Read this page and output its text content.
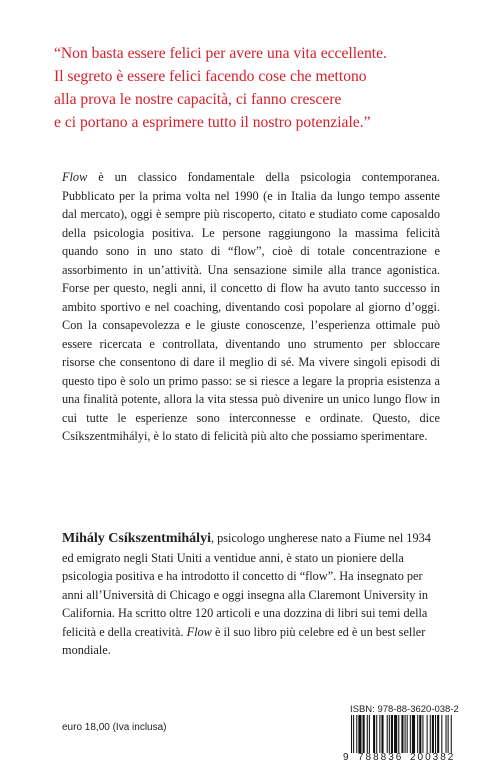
“Non basta essere felici per avere una vita eccellente.

Il segreto è essere felici facendo cose che mettono

alla prova le nostre capacità, ci fanno crescere

e ci portano a esprimere tutto il nostro potenziale.”

Flow è un classico fondamentale della psicologia contemporanea. Pubblicato per la prima volta nel 1990 (e in Italia da lungo tempo assente dal mercato), oggi è sempre più riscoperto, citato e studiato come caposaldo della psicologia positiva. Le persone raggiungono la massima felicità quando sono in uno stato di “flow”, cioè di totale concentrazione e assorbimento in un’attività. Una sensazione simile alla trance agonistica. Forse per questo, negli anni, il concetto di flow ha avuto tanto successo in ambito sportivo e nel coaching, diventando così popolare al giorno d’oggi. Con la consapevolezza e le giuste conoscenze, l’esperienza ottimale può essere ricercata e controllata, diventando uno strumento per sbloccare risorse che consentono di dare il meglio di sé. Ma vivere singoli episodi di questo tipo è solo un primo passo: se si riesce a legare la propria esistenza a una finalità potente, allora la vita stessa può divenire un unico lungo flow in cui tutte le esperienze sono interconnesse e ordinate. Questo, dice Csíkszentmihályi, è lo stato di felicità più alto che possiamo sperimentare.

Mihály Csíkszentmihályi, psicologo ungherese nato a Fiume nel 1934 ed emigrato negli Stati Uniti a ventidue anni, è stato un pioniere della psicologia positiva e ha introdotto il concetto di “flow”. Ha insegnato per anni all’Università di Chicago e oggi insegna alla Claremont University in California. Ha scritto oltre 120 articoli e una dozzina di libri sui temi della felicità e della creatività. Flow è il suo libro più celebre ed è un best seller mondiale.

euro 18,00 (Iva inclusa)
ISBN: 978-88-3620-038-2
9 788836 200382
